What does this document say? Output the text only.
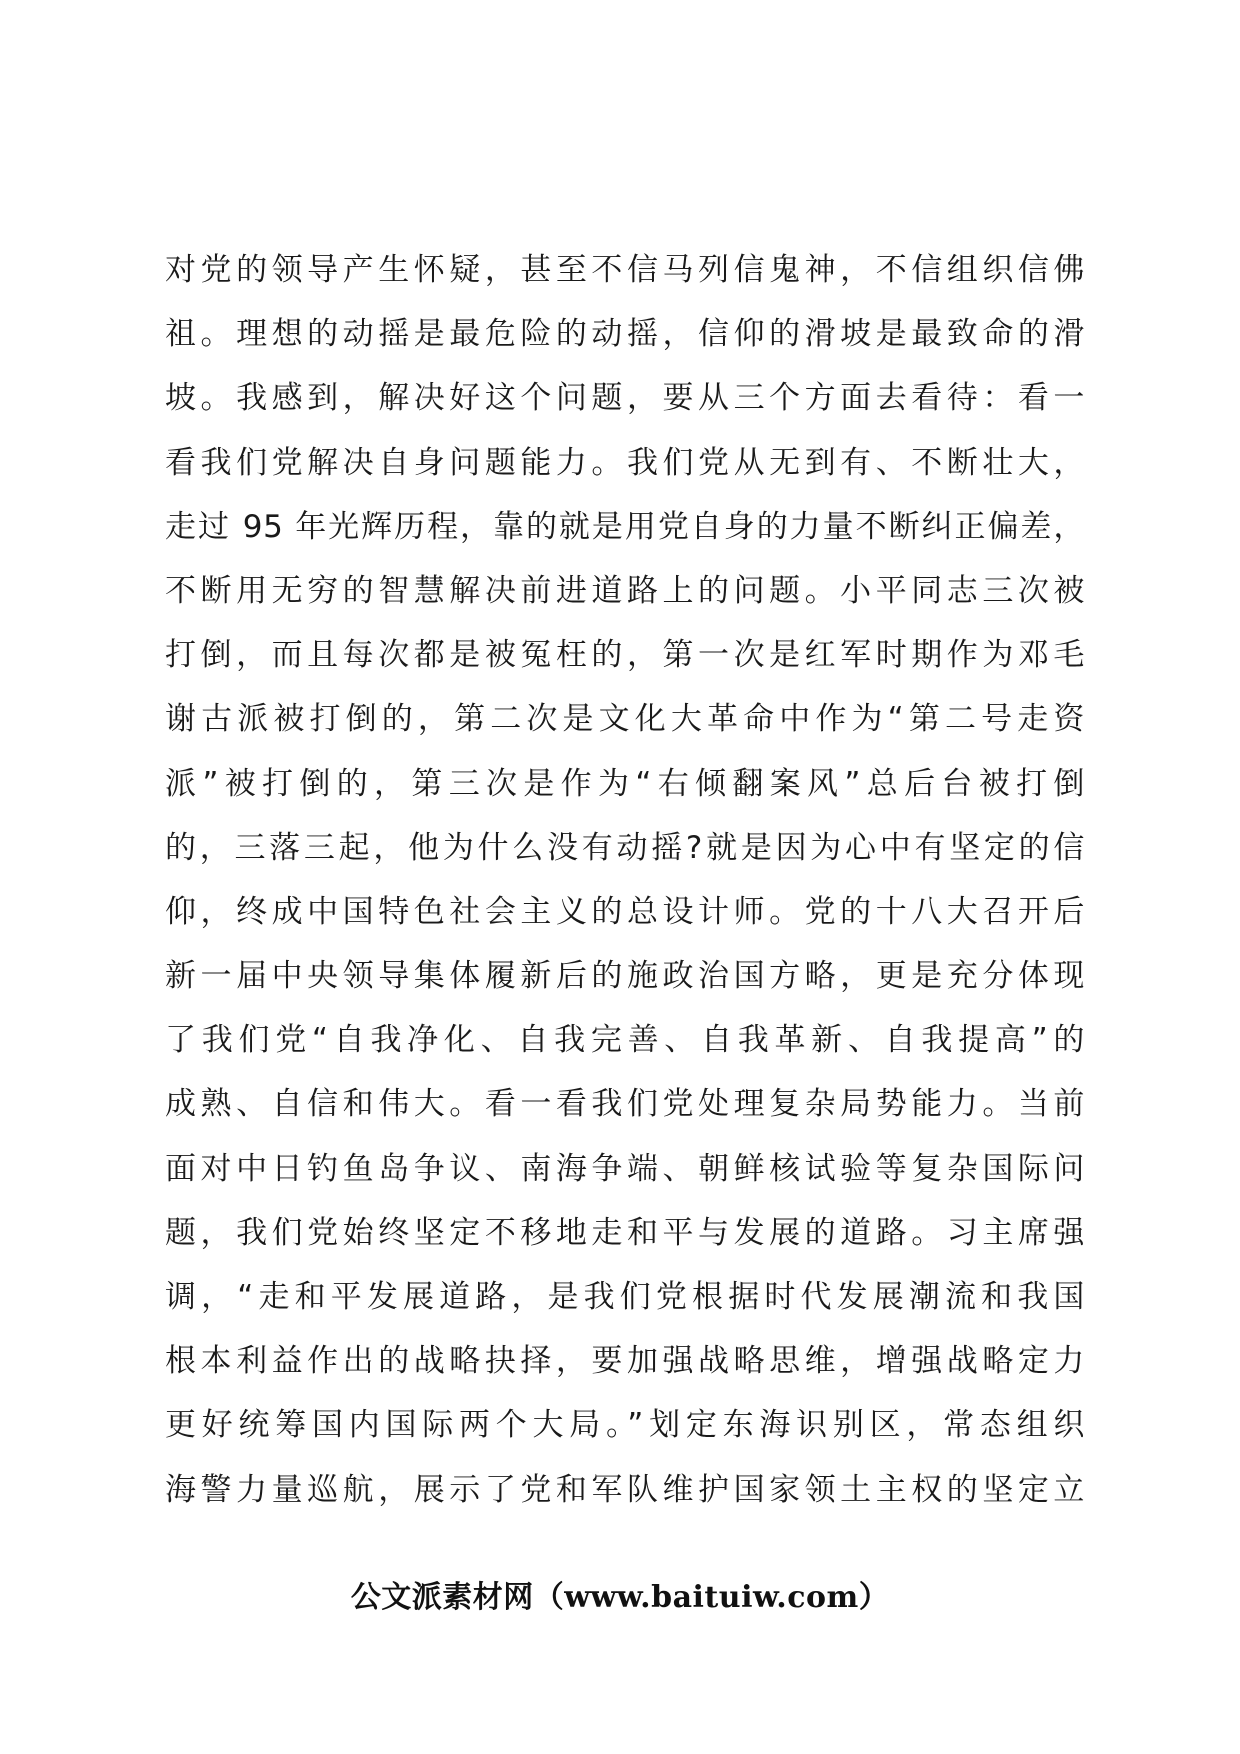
对党的领导产生怀疑，甚至不信马列信鬼神，不信组织信佛
祖。理想的动摇是最危险的动摇，信仰的滑坡是最致命的滑
坡。我感到，解决好这个问题，要从三个方面去看待：看一
看我们党解决自身问题能力。我们党从无到有、不断壮大，
走过 95 年光辉历程，靠的就是用党自身的力量不断纠正偏差，
不断用无穷的智慧解决前进道路上的问题。小平同志三次被
打倒，而且每次都是被冤枉的，第一次是红军时期作为邓毛
谢古派被打倒的，第二次是文化大革命中作为“第二号走资
派”被打倒的，第三次是作为“右倾翻案风”总后台被打倒
的，三落三起，他为什么没有动摇?就是因为心中有坚定的信
仰，终成中国特色社会主义的总设计师。党的十八大召开后
新一届中央领导集体履新后的施政治国方略，更是充分体现
了我们党“自我净化、自我完善、自我革新、自我提高”的
成熟、自信和伟大。看一看我们党处理复杂局势能力。当前
面对中日钓鱼岛争议、南海争端、朝鲜核试验等复杂国际问
题，我们党始终坚定不移地走和平与发展的道路。习主席强
调，“走和平发展道路，是我们党根据时代发展潮流和我国
根本利益作出的战略抉择，要加强战略思维，增强战略定力
更好统筹国内国际两个大局。”划定东海识别区，常态组织
海警力量巡航，展示了党和军队维护国家领土主权的坚定立
公文派素材网（www.baituiw.com）
